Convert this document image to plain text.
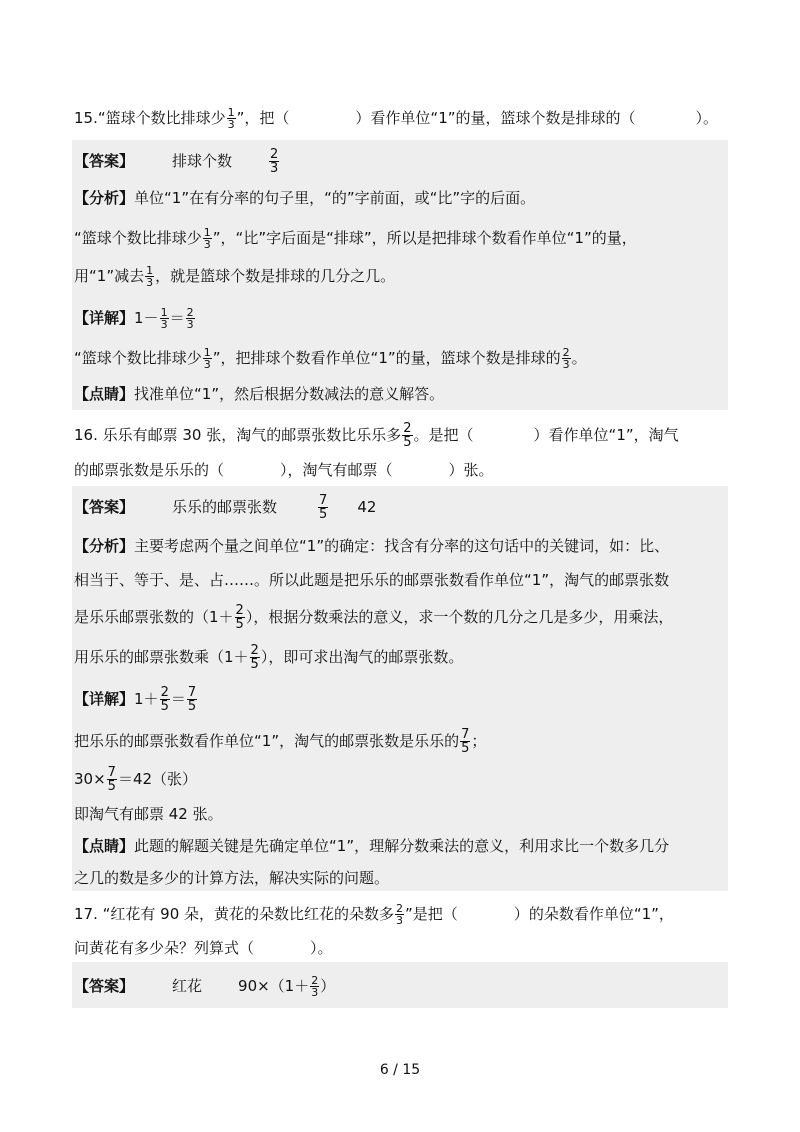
15.“篮球个数比排球少 $\frac{1}{3}$ ”，把（	）看作单位“1”的量，篮球个数是排球的（	）。
【答案】	排球个数	$\frac{2}{3}$
【分析】单位“1”在有分率的句子里，“的”字前面，或“比”字的后面。
“篮球个数比排球少 $\frac{1}{3}$ ”，“比”字后面是“排球”，所以是把排球个数看作单位“1”的量，
用“1”减去 $\frac{1}{3}$ ，就是篮球个数是排球的几分之几。
【详解】$1- \frac{1}{3} = \frac{2}{3}$
“篮球个数比排球少 $\frac{1}{3}$ ”，把排球个数看作单位“1”的量，篮球个数是排球的 $\frac{2}{3}$ 。
【点睛】找准单位“1”，然后根据分数减法的意义解答。
16. 乐乐有邮票 30 张，淘气的邮票张数比乐乐多 $\frac{2}{5}$ 。是把（	）看作单位“1”，淘气
的邮票张数是乐乐的（	），淘气有邮票（	）张。
【答案】	乐乐的邮票张数	$\frac{7}{5} 42$
【分析】主要考虑两个量之间单位“1”的确定：找含有分率的这句话中的关键词，如：比、
相当于、等于、是、占……。所以此题是把乐乐的邮票张数看作单位“1”，淘气的邮票张数
是乐乐邮票张数的（$1+ \frac{2}{5}$ ），根据分数乘法的意义，求一个数的几分之几是多少，用乘法，
用乐乐的邮票张数乘（$1+ \frac{2}{5}$ ），即可求出淘气的邮票张数。
【详解】$1+ \frac{2}{5} = \frac{7}{5}$
把乐乐的邮票张数看作单位“1”，淘气的邮票张数是乐乐的 $\frac{7}{5}$ ；
$30\times \frac{7}{5} =42$（张）
即淘气有邮票 42 张。
【点睛】此题的解题关键是先确定单位“1”，理解分数乘法的意义，利用求比一个数多几分
之几的数是多少的计算方法，解决实际的问题。
17. “红花有 90 朵，黄花的朵数比红花的朵数多 $\frac{2}{3}$ ”是把（	）的朵数看作单位“1”，
问黄花有多少朵？列算式（	）。
【答案】	红花 $90\times(1+ \frac{2}{3}$ ）
6 / 15
